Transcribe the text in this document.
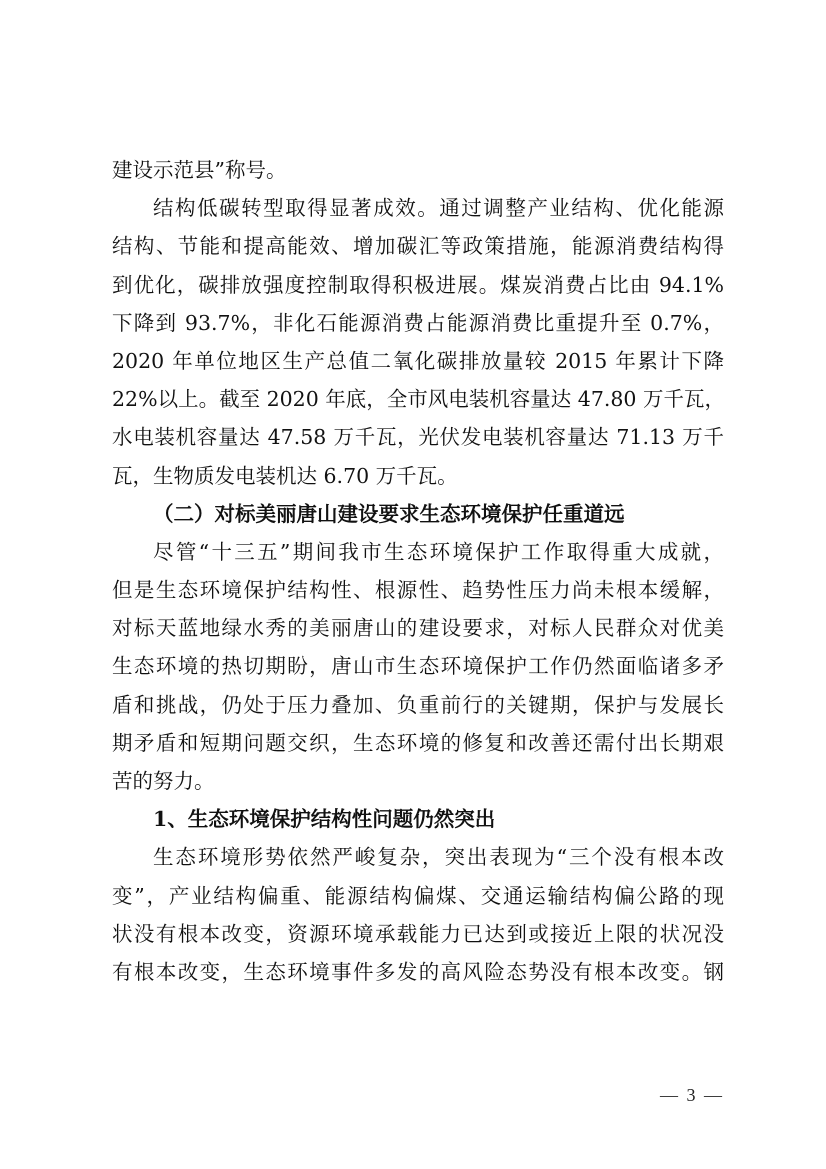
建设示范县”称号。
结构低碳转型取得显著成效。通过调整产业结构、优化能源
结构、节能和提高能效、增加碳汇等政策措施，能源消费结构得
到优化，碳排放强度控制取得积极进展。煤炭消费占比由 94.1%
下降到 93.7%，非化石能源消费占能源消费比重提升至 0.7%，
2020 年单位地区生产总值二氧化碳排放量较 2015 年累计下降
22%以上。截至 2020 年底，全市风电装机容量达 47.80 万千瓦，
水电装机容量达 47.58 万千瓦，光伏发电装机容量达 71.13 万千
瓦，生物质发电装机达 6.70 万千瓦。
（二）对标美丽唐山建设要求生态环境保护任重道远
尽管“十三五”期间我市生态环境保护工作取得重大成就，
但是生态环境保护结构性、根源性、趋势性压力尚未根本缓解，
对标天蓝地绿水秀的美丽唐山的建设要求，对标人民群众对优美
生态环境的热切期盼，唐山市生态环境保护工作仍然面临诸多矛
盾和挑战，仍处于压力叠加、负重前行的关键期，保护与发展长
期矛盾和短期问题交织，生态环境的修复和改善还需付出长期艰
苦的努力。
1、生态环境保护结构性问题仍然突出
生态环境形势依然严峻复杂，突出表现为“三个没有根本改
变”，产业结构偏重、能源结构偏煤、交通运输结构偏公路的现
状没有根本改变，资源环境承载能力已达到或接近上限的状况没
有根本改变，生态环境事件多发的高风险态势没有根本改变。钢
— 3 —
